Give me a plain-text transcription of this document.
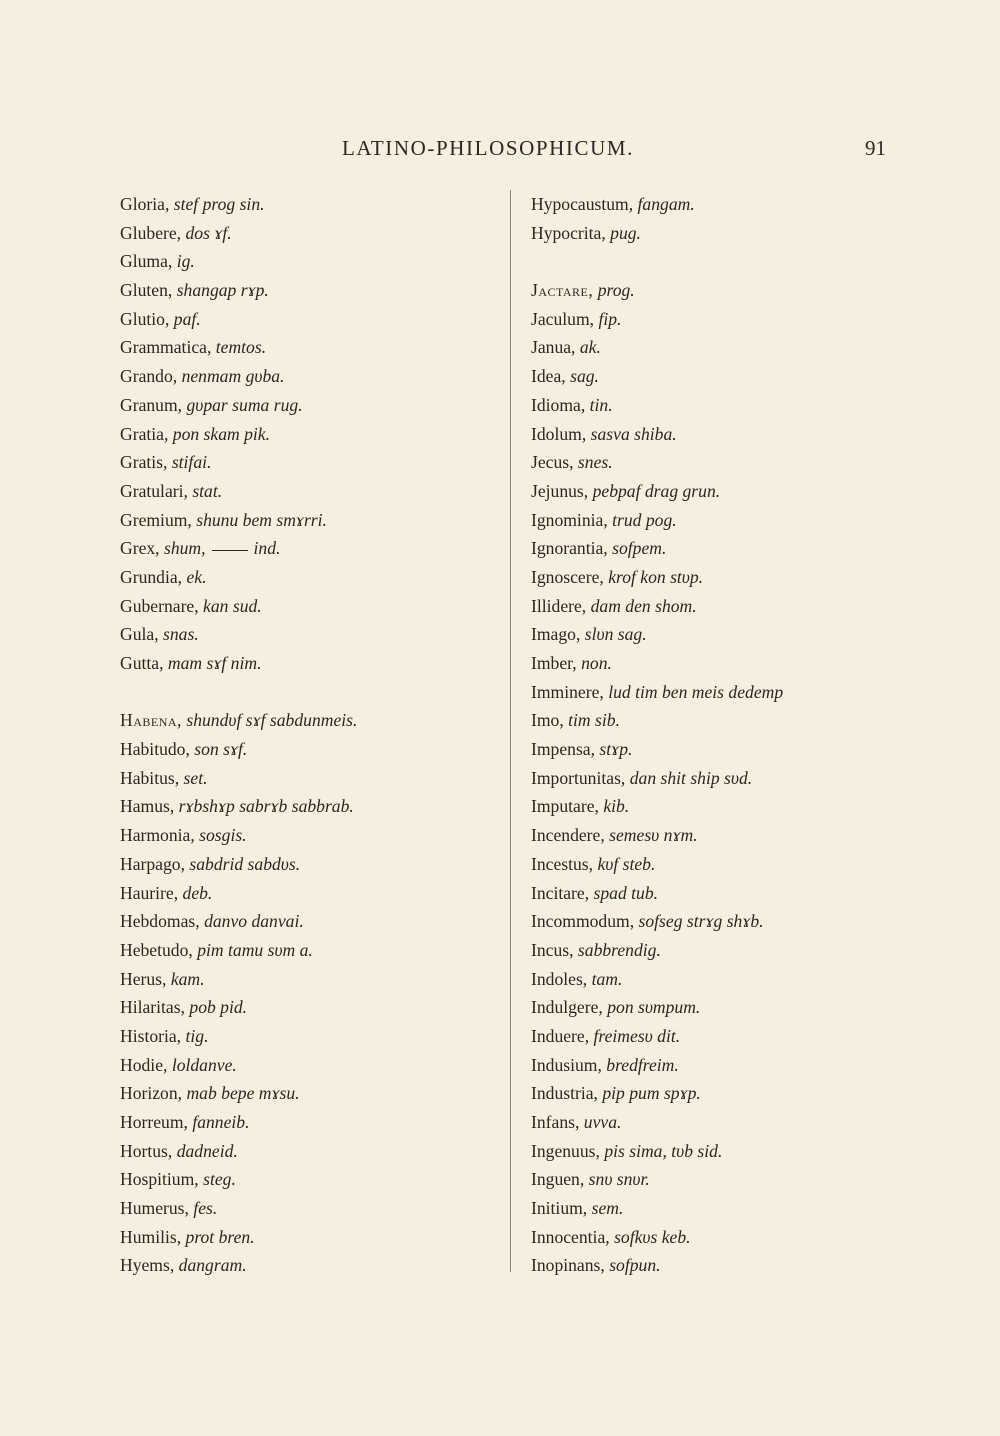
LATINO-PHILOSOPHICUM.	91
Gloria, stef prog sin.
Glubere, dos ɤf.
Gluma, ig.
Gluten, shangap rɤp.
Glutio, paf.
Grammatica, temtos.
Grando, nenmam gυba.
Granum, gυpar suma rug.
Gratia, pon skam pik.
Gratis, stifai.
Gratulari, stat.
Gremium, shunu bem smɤrri.
Grex, shum,	ind.
Grundia, ek.
Gubernare, kan sud.
Gula, snas.
Gutta, mam sɤf nim.
Habena, shundυf sɤf sabdunmeis.
Habitudo, son sɤf.
Habitus, set.
Hamus, rɤbshɤp sabrɤb sabbrab.
Harmonia, sosgis.
Harpago, sabdrid sabdυs.
Haurire, deb.
Hebdomas, danvo danvai.
Hebetudo, pim tamu sυm a.
Herus, kam.
Hilaritas, pob pid.
Historia, tig.
Hodie, loldanve.
Horizon, mab bepe mɤsu.
Horreum, fanneib.
Hortus, dadneid.
Hospitium, steg.
Humerus, fes.
Humilis, prot bren.
Hyems, dangram.
Hypocaustum, fangam.
Hypocrita, pug.
Jactare, prog.
Jaculum, fip.
Janua, ak.
Idea, sag.
Idioma, tin.
Idolum, sasva shiba.
Jecus, snes.
Jejunus, pebpaf drag grun.
Ignominia, trud pog.
Ignorantia, sofpem.
Ignoscere, krof kon stυp.
Illidere, dam den shom.
Imago, slυn sag.
Imber, non.
Imminere, lud tim ben meis dedemp
Imo, tim sib.
Impensa, stɤp.
Importunitas, dan shit ship sυd.
Imputare, kib.
Incendere, semesυ nɤm.
Incestus, kυf steb.
Incitare, spad tub.
Incommodum, sofseg strɤg shɤb.
Incus, sabbrendig.
Indoles, tam.
Indulgere, pon sυmpum.
Induere, freimesυ dit.
Indusium, bredfreim.
Industria, pip pum spɤp.
Infans, uvva.
Ingenuus, pis sima, tυb sid.
Inguen, snυ snυr.
Initium, sem.
Innocentia, sofkυs keb.
Inopinans, sofpun.
